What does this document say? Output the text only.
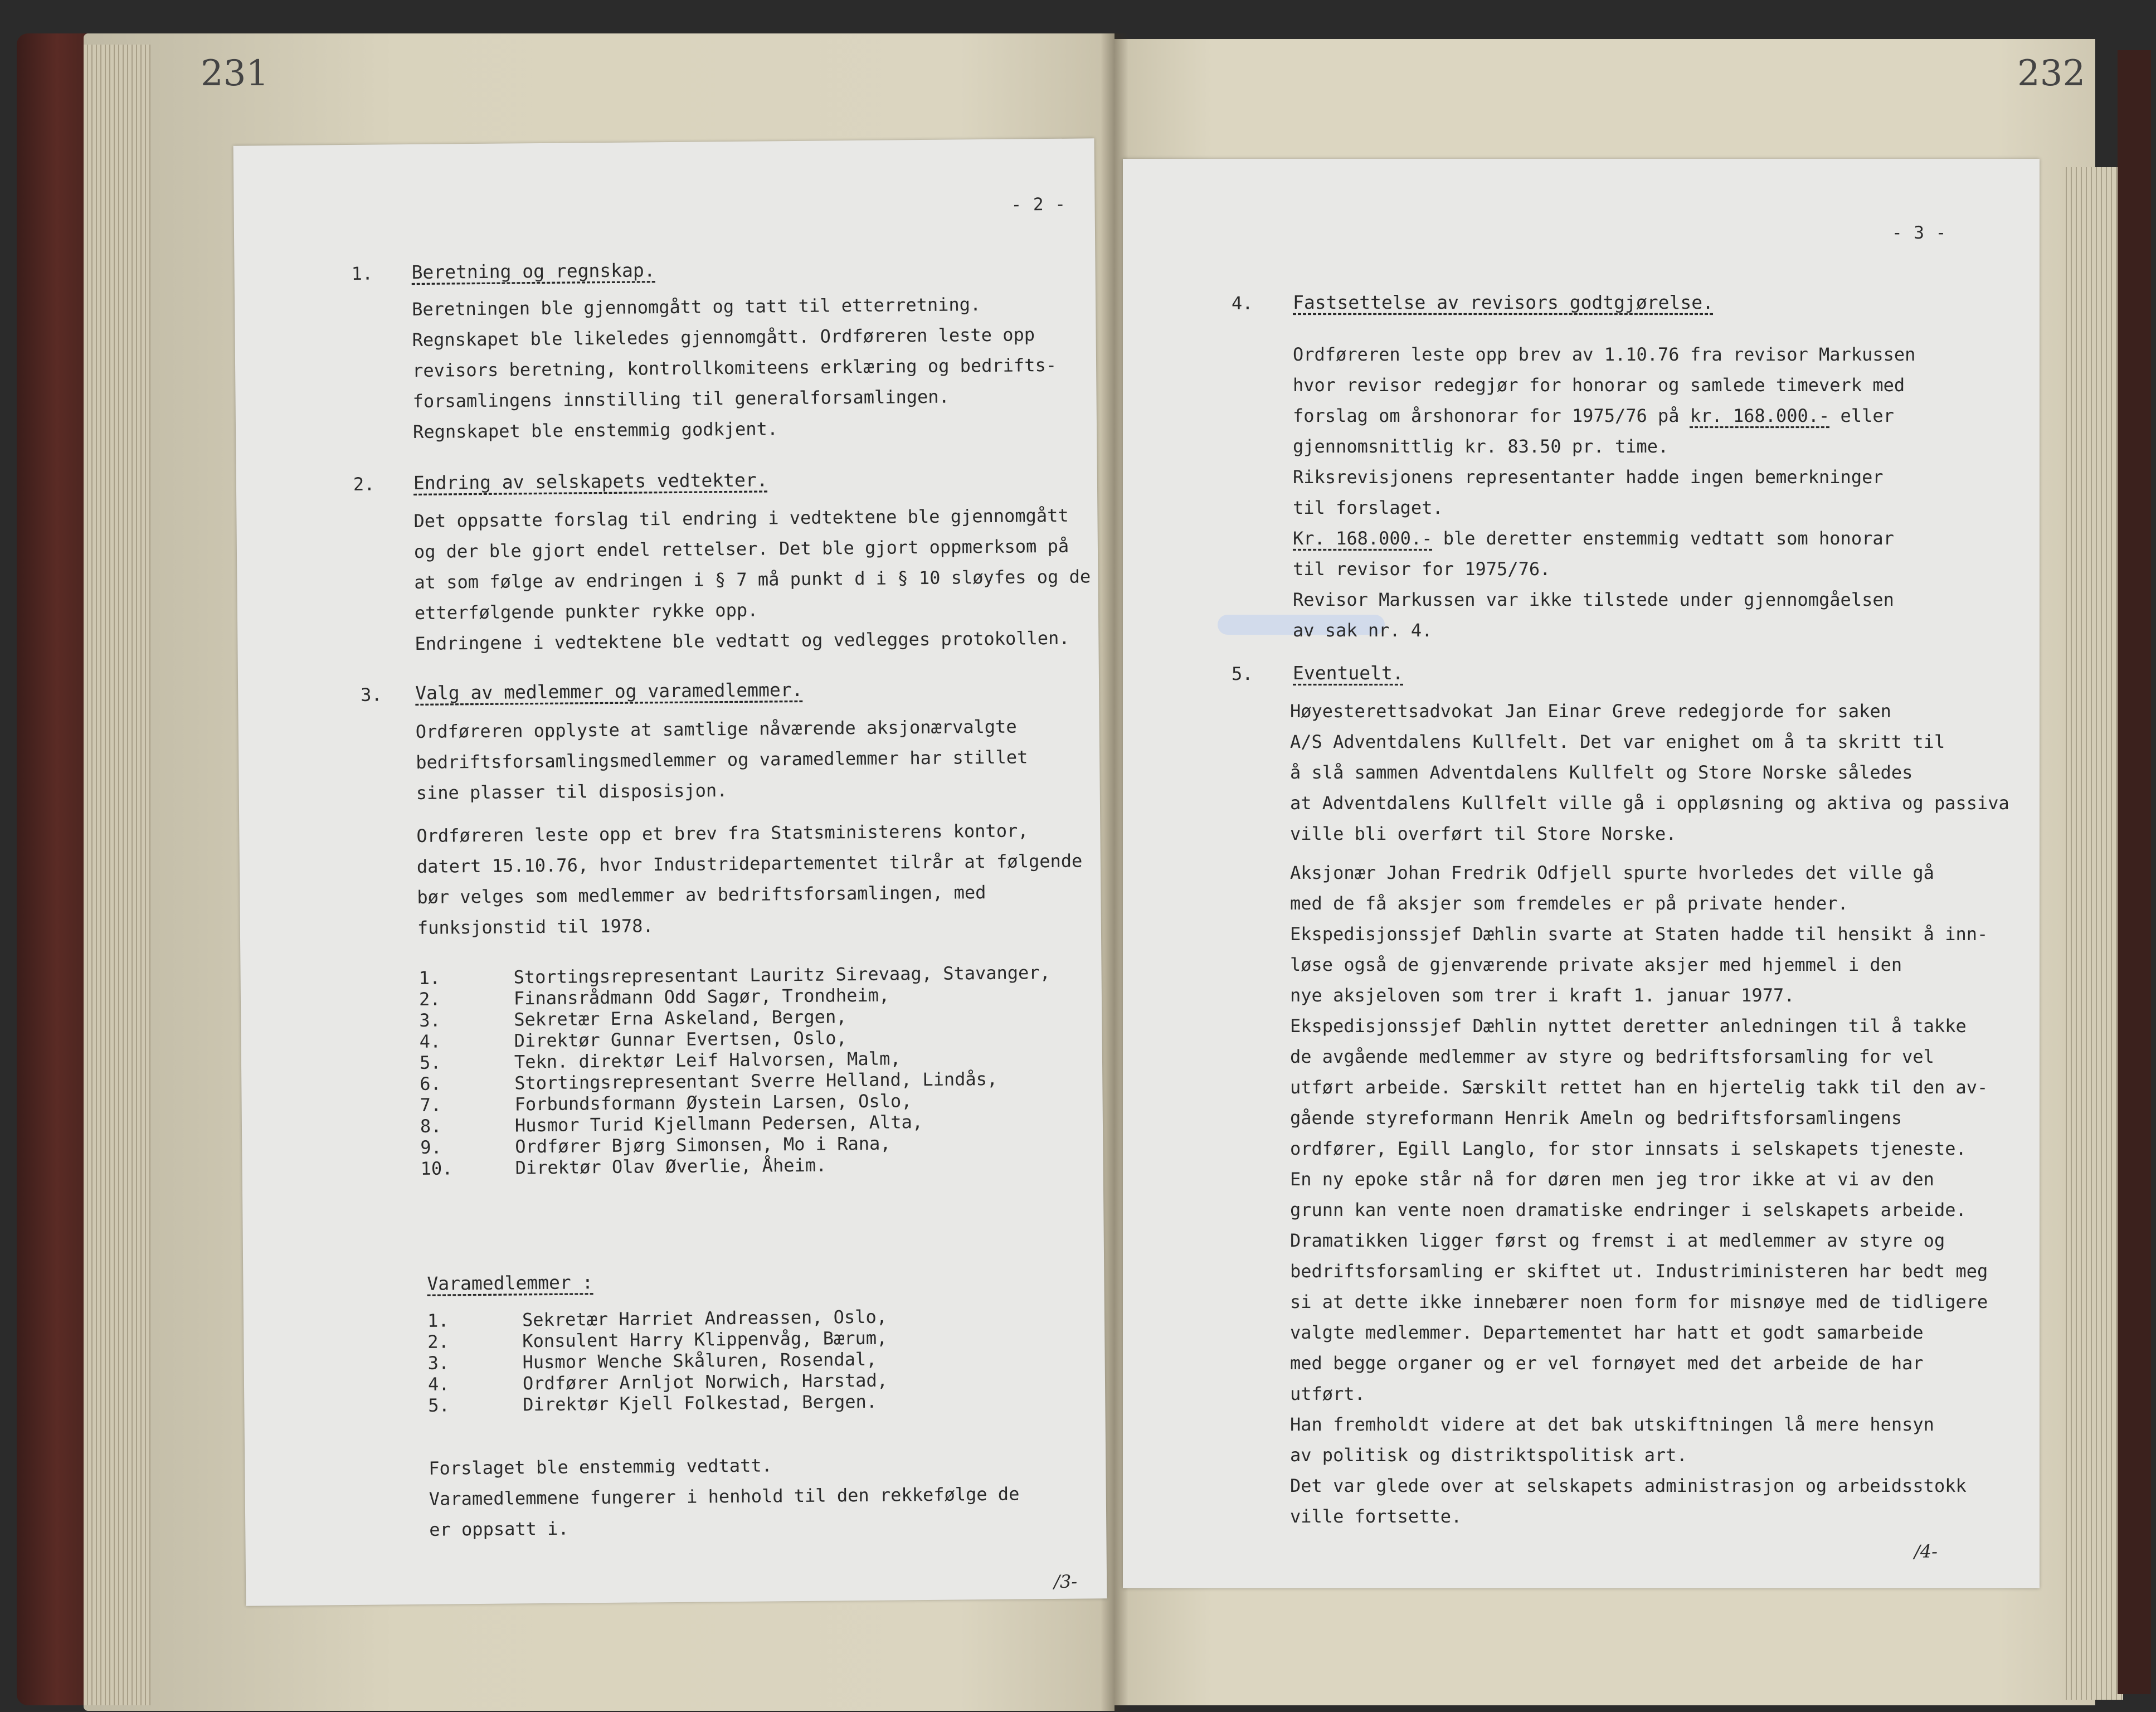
231	232
- 2 -
1. Beretning og regnskap.
Beretningen ble gjennomgått og tatt til etterretning.
Regnskapet ble likeledes gjennomgått. Ordføreren leste opp
revisors beretning, kontrollkomiteens erklæring og bedrifts-
forsamlingens innstilling til generalforsamlingen.
Regnskapet ble enstemmig godkjent.
2. Endring av selskapets vedtekter.
Det oppsatte forslag til endring i vedtektene ble gjennomgått
og der ble gjort endel rettelser. Det ble gjort oppmerksom på
at som følge av endringen i § 7 må punkt d i § 10 sløyfes og de
etterfølgende punkter rykke opp.
Endringene i vedtektene ble vedtatt og vedlegges protokollen.
3. Valg av medlemmer og varamedlemmer.
Ordføreren opplyste at samtlige nåværende aksjonærvalgte
bedriftsforsamlingsmedlemmer og varamedlemmer har stillet
sine plasser til disposisjon.
Ordføreren leste opp et brev fra Statsministerens kontor,
datert 15.10.76, hvor Industridepartementet tilrår at følgende
bør velges som medlemmer av bedriftsforsamlingen, med
funksjonstid til 1978.
1.	Stortingsrepresentant Lauritz Sirevaag, Stavanger,
2.	Finansrådmann Odd Sagør, Trondheim,
3.	Sekretær Erna Askeland, Bergen,
4.	Direktør Gunnar Evertsen, Oslo,
5.	Tekn. direktør Leif Halvorsen, Malm,
6.	Stortingsrepresentant Sverre Helland, Lindås,
7.	Forbundsformann Øystein Larsen, Oslo,
8.	Husmor Turid Kjellmann Pedersen, Alta,
9.	Ordfører Bjørg Simonsen, Mo i Rana,
10.	Direktør Olav Øverlie, Åheim.
Varamedlemmer :
1.	Sekretær Harriet Andreassen, Oslo,
2.	Konsulent Harry Klippenvåg, Bærum,
3.	Husmor Wenche Skåluren, Rosendal,
4.	Ordfører Arnljot Norwich, Harstad,
5.	Direktør Kjell Folkestad, Bergen.
Forslaget ble enstemmig vedtatt.
Varamedlemmene fungerer i henhold til den rekkefølge de
er oppsatt i.
/3-
- 3 -
4. Fastsettelse av revisors godtgjørelse.
Ordføreren leste opp brev av 1.10.76 fra revisor Markussen
hvor revisor redegjør for honorar og samlede timeverk med
forslag om årshonorar for 1975/76 på kr. 168.000.- eller
gjennomsnittlig kr. 83.50 pr. time.
Riksrevisjonens representanter hadde ingen bemerkninger
til forslaget.
Kr. 168.000.- ble deretter enstemmig vedtatt som honorar
til revisor for 1975/76.
Revisor Markussen var ikke tilstede under gjennomgåelsen
av sak nr. 4.
5. Eventuelt.
Høyesterettsadvokat Jan Einar Greve redegjorde for saken
A/S Adventdalens Kullfelt. Det var enighet om å ta skritt til
å slå sammen Adventdalens Kullfelt og Store Norske således
at Adventdalens Kullfelt ville gå i oppløsning og aktiva og passiva
ville bli overført til Store Norske.
Aksjonær Johan Fredrik Odfjell spurte hvorledes det ville gå
med de få aksjer som fremdeles er på private hender.
Ekspedisjonssjef Dæhlin svarte at Staten hadde til hensikt å inn-
løse også de gjenværende private aksjer med hjemmel i den
nye aksjeloven som trer i kraft 1. januar 1977.
Ekspedisjonssjef Dæhlin nyttet deretter anledningen til å takke
de avgående medlemmer av styre og bedriftsforsamling for vel
utført arbeide. Særskilt rettet han en hjertelig takk til den av-
gående styreformann Henrik Ameln og bedriftsforsamlingens
ordfører, Egill Langlo, for stor innsats i selskapets tjeneste.
En ny epoke står nå for døren men jeg tror ikke at vi av den
grunn kan vente noen dramatiske endringer i selskapets arbeide.
Dramatikken ligger først og fremst i at medlemmer av styre og
bedriftsforsamling er skiftet ut. Industriministeren har bedt meg
si at dette ikke innebærer noen form for misnøye med de tidligere
valgte medlemmer. Departementet har hatt et godt samarbeide
med begge organer og er vel fornøyet med det arbeide de har
utført.
Han fremholdt videre at det bak utskiftningen lå mere hensyn
av politisk og distriktspolitisk art.
Det var glede over at selskapets administrasjon og arbeidsstokk
ville fortsette.
/4-
